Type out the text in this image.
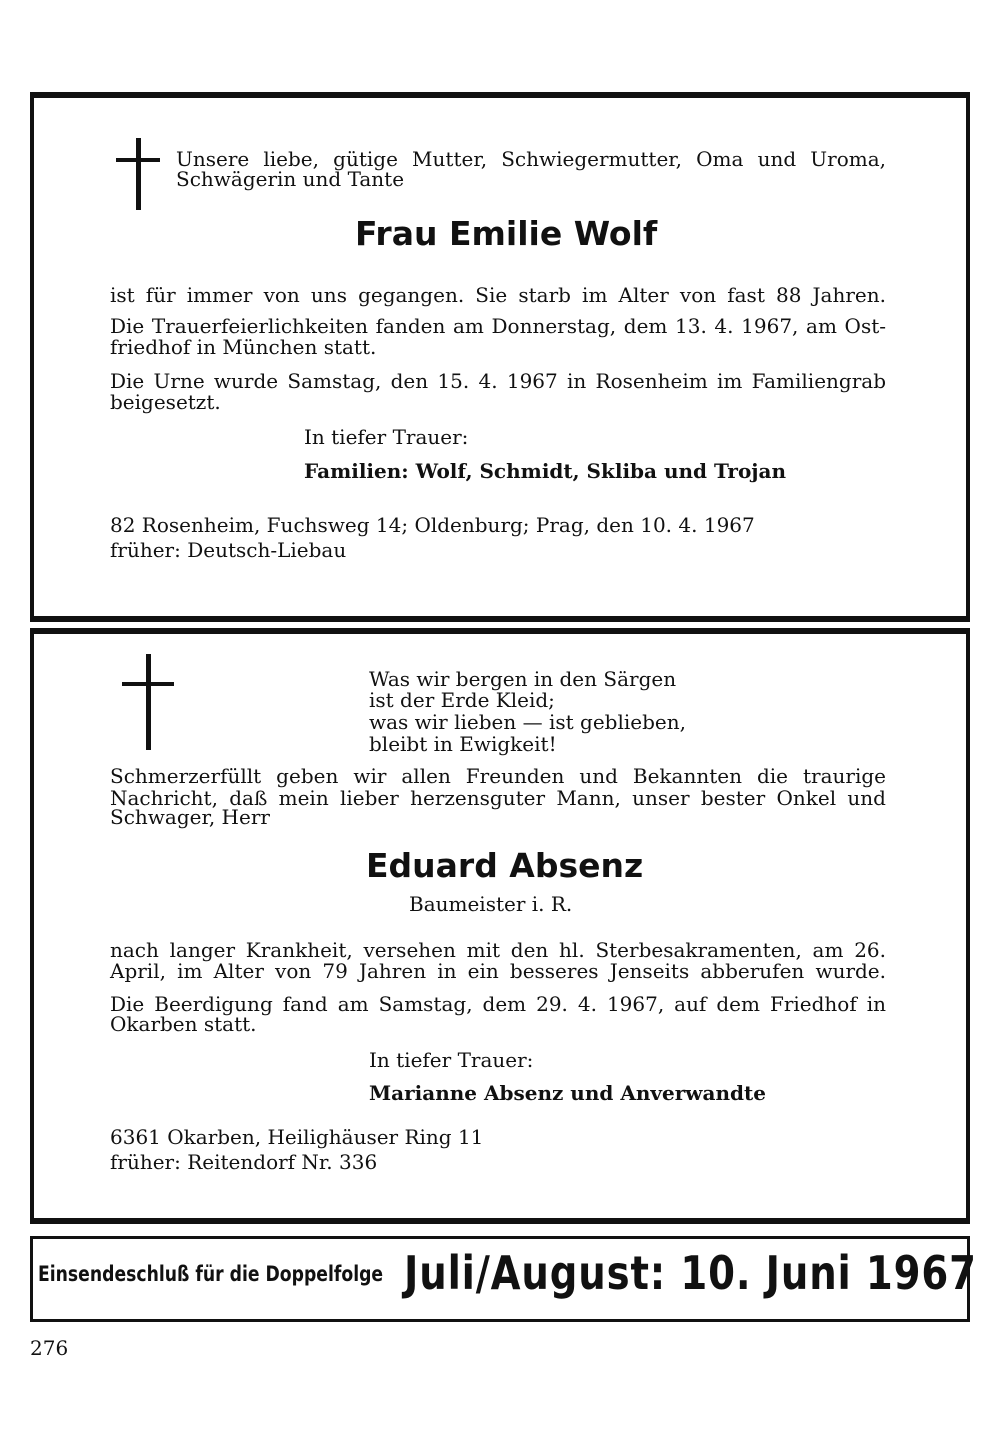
Unsere liebe, gütige Mutter, Schwiegermutter, Oma und Uroma,
Schwägerin und Tante
Frau Emilie Wolf
ist für immer von uns gegangen. Sie starb im Alter von fast 88 Jahren.
Die Trauerfeierlichkeiten fanden am Donnerstag, dem 13. 4. 1967, am Ost-
friedhof in München statt.
Die Urne wurde Samstag, den 15. 4. 1967 in Rosenheim im Familiengrab
beigesetzt.
In tiefer Trauer:
Familien: Wolf, Schmidt, Skliba und Trojan
82 Rosenheim, Fuchsweg 14; Oldenburg; Prag, den 10. 4. 1967
früher: Deutsch-Liebau
Was wir bergen in den Särgen
ist der Erde Kleid;
was wir lieben — ist geblieben,
bleibt in Ewigkeit!
Schmerzerfüllt geben wir allen Freunden und Bekannten die traurige
Nachricht, daß mein lieber herzensguter Mann, unser bester Onkel und
Schwager, Herr
Eduard Absenz
Baumeister i. R.
nach langer Krankheit, versehen mit den hl. Sterbesakramenten, am 26.
April, im Alter von 79 Jahren in ein besseres Jenseits abberufen wurde.
Die Beerdigung fand am Samstag, dem 29. 4. 1967, auf dem Friedhof in
Okarben statt.
In tiefer Trauer:
Marianne Absenz und Anverwandte
6361 Okarben, Heilighäuser Ring 11
früher: Reitendorf Nr. 336
Einsendeschluß für die Doppelfolge Juli/August: 10. Juni 1967
276
